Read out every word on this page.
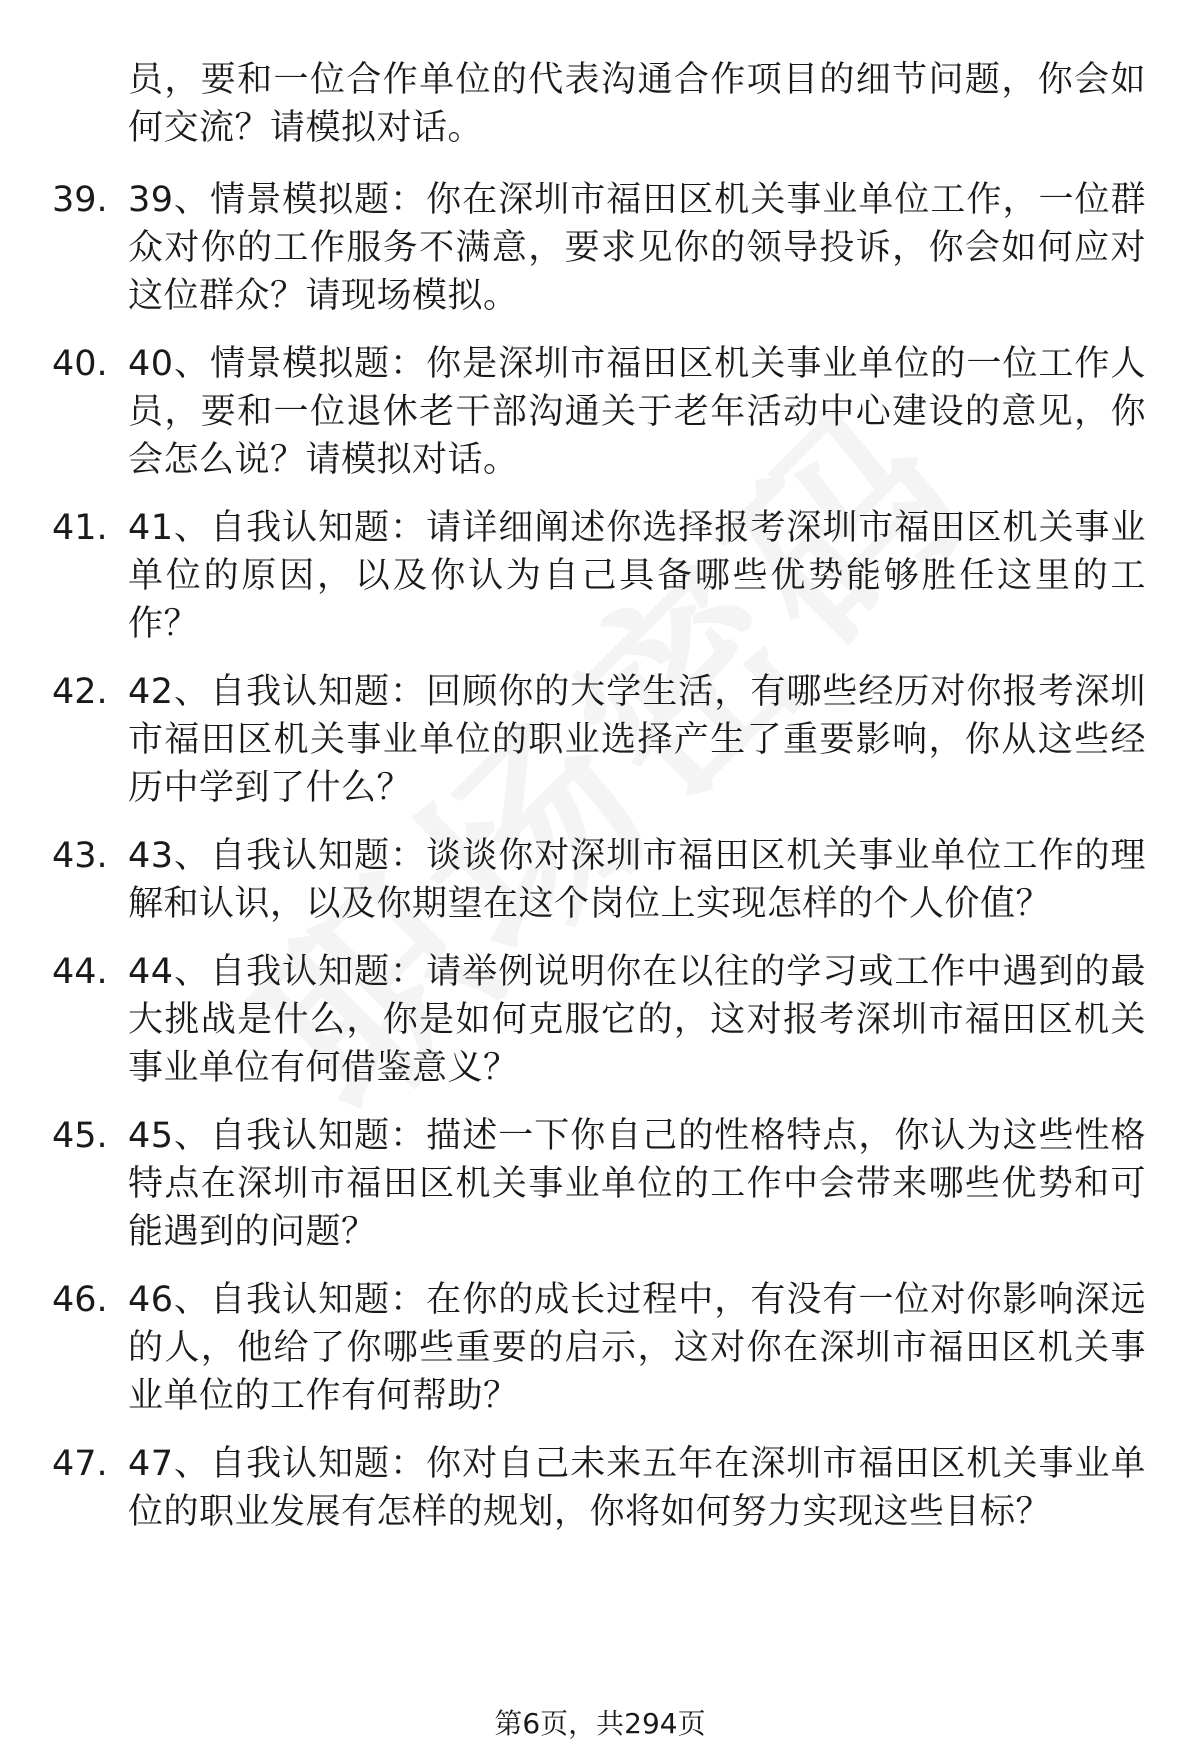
员，要和一位合作单位的代表沟通合作项目的细节问题，你会如何交流？请模拟对话。
39. 39、情景模拟题：你在深圳市福田区机关事业单位工作，一位群众对你的工作服务不满意，要求见你的领导投诉，你会如何应对这位群众？请现场模拟。
40. 40、情景模拟题：你是深圳市福田区机关事业单位的一位工作人员，要和一位退休老干部沟通关于老年活动中心建设的意见，你会怎么说？请模拟对话。
41. 41、自我认知题：请详细阐述你选择报考深圳市福田区机关事业单位的原因，以及你认为自己具备哪些优势能够胜任这里的工作？
42. 42、自我认知题：回顾你的大学生活，有哪些经历对你报考深圳市福田区机关事业单位的职业选择产生了重要影响，你从这些经历中学到了什么？
43. 43、自我认知题：谈谈你对深圳市福田区机关事业单位工作的理解和认识，以及你期望在这个岗位上实现怎样的个人价值？
44. 44、自我认知题：请举例说明你在以往的学习或工作中遇到的最大挑战是什么，你是如何克服它的，这对报考深圳市福田区机关事业单位有何借鉴意义？
45. 45、自我认知题：描述一下你自己的性格特点，你认为这些性格特点在深圳市福田区机关事业单位的工作中会带来哪些优势和可能遇到的问题？
46. 46、自我认知题：在你的成长过程中，有没有一位对你影响深远的人，他给了你哪些重要的启示，这对你在深圳市福田区机关事业单位的工作有何帮助？
47. 47、自我认知题：你对自己未来五年在深圳市福田区机关事业单位的职业发展有怎样的规划，你将如何努力实现这些目标？
第6页，共294页
